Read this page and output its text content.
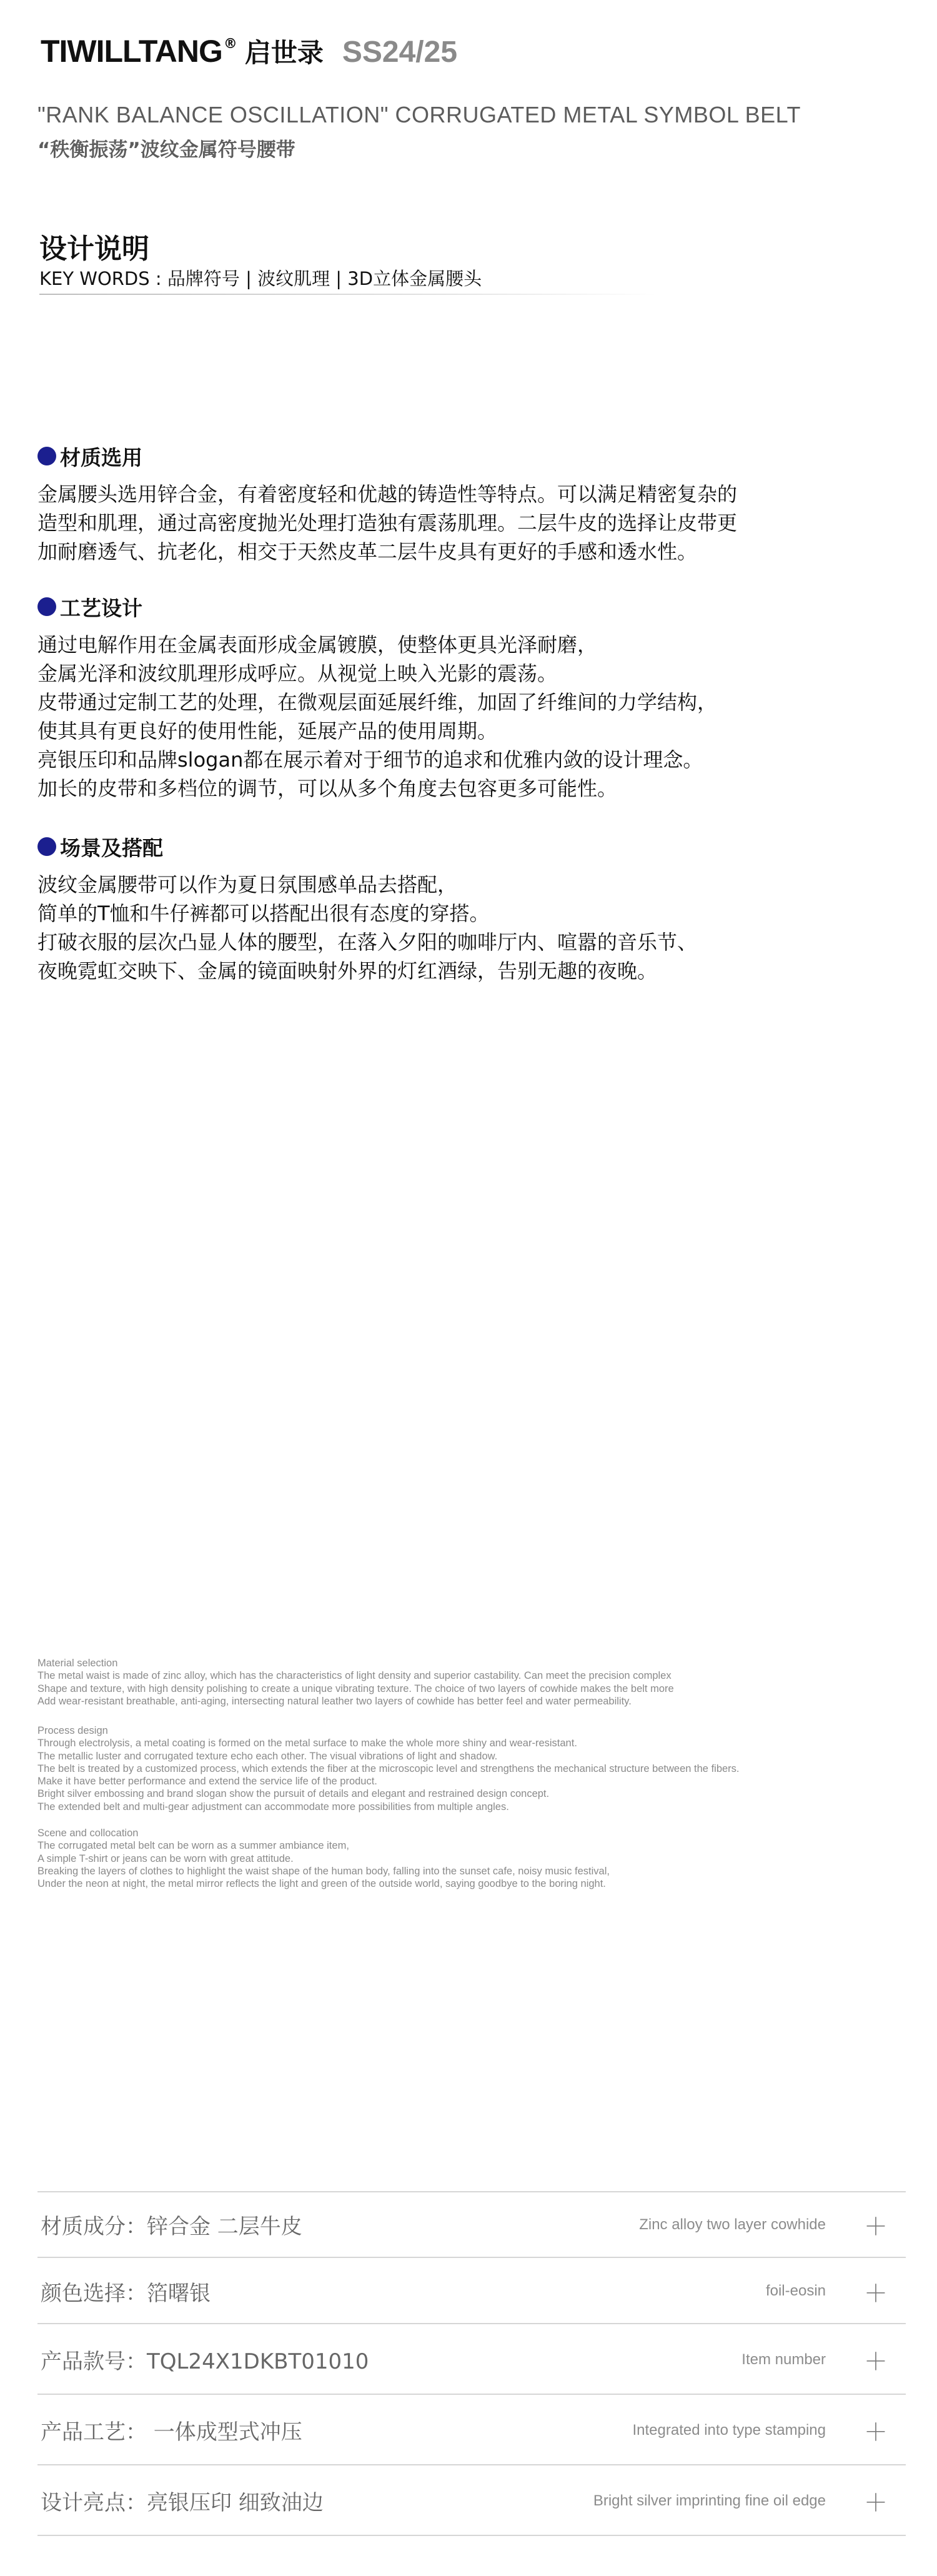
TIWILLTANG ® 启世录 SS24/25
"RANK BALANCE OSCILLATION" CORRUGATED METAL SYMBOL BELT
“秩衡振荡”波纹金属符号腰带
设计说明
KEY WORDS : 品牌符号 | 波纹肌理 | 3D立体金属腰头
材质选用
金属腰头选用锌合金，有着密度轻和优越的铸造性等特点。可以满足精密复杂的
造型和肌理，通过高密度抛光处理打造独有震荡肌理。二层牛皮的选择让皮带更
加耐磨透气、抗老化，相交于天然皮革二层牛皮具有更好的手感和透水性。
工艺设计
通过电解作用在金属表面形成金属镀膜，使整体更具光泽耐磨，
金属光泽和波纹肌理形成呼应。从视觉上映入光影的震荡。
皮带通过定制工艺的处理，在微观层面延展纤维，加固了纤维间的力学结构，
使其具有更良好的使用性能，延展产品的使用周期。
亮银压印和品牌slogan都在展示着对于细节的追求和优雅内敛的设计理念。
加长的皮带和多档位的调节，可以从多个角度去包容更多可能性。
场景及搭配
波纹金属腰带可以作为夏日氛围感单品去搭配，
简单的T恤和牛仔裤都可以搭配出很有态度的穿搭。
打破衣服的层次凸显人体的腰型，在落入夕阳的咖啡厅内、喧嚣的音乐节、
夜晚霓虹交映下、金属的镜面映射外界的灯红酒绿，告别无趣的夜晚。
Material selection
The metal waist is made of zinc alloy, which has the characteristics of light density and superior castability. Can meet the precision complex
Shape and texture, with high density polishing to create a unique vibrating texture. The choice of two layers of cowhide makes the belt more
Add wear-resistant breathable, anti-aging, intersecting natural leather two layers of cowhide has better feel and water permeability.
Process design
Through electrolysis, a metal coating is formed on the metal surface to make the whole more shiny and wear-resistant.
The metallic luster and corrugated texture echo each other. The visual vibrations of light and shadow.
The belt is treated by a customized process, which extends the fiber at the microscopic level and strengthens the mechanical structure between the fibers.
Make it have better performance and extend the service life of the product.
Bright silver embossing and brand slogan show the pursuit of details and elegant and restrained design concept.
The extended belt and multi-gear adjustment can accommodate more possibilities from multiple angles.
Scene and collocation
The corrugated metal belt can be worn as a summer ambiance item,
A simple T-shirt or jeans can be worn with great attitude.
Breaking the layers of clothes to highlight the waist shape of the human body, falling into the sunset cafe, noisy music festival,
Under the neon at night, the metal mirror reflects the light and green of the outside world, saying goodbye to the boring night.
材质成分：锌合金 二层牛皮	Zinc alloy two layer cowhide ＋
颜色选择：箔曙银	foil-eosin ＋
产品款号：TQL24X1DKBT01010	Item number ＋
产品工艺： 一体成型式冲压	Integrated into type stamping ＋
设计亮点：亮银压印 细致油边	Bright silver imprinting fine oil edge ＋
